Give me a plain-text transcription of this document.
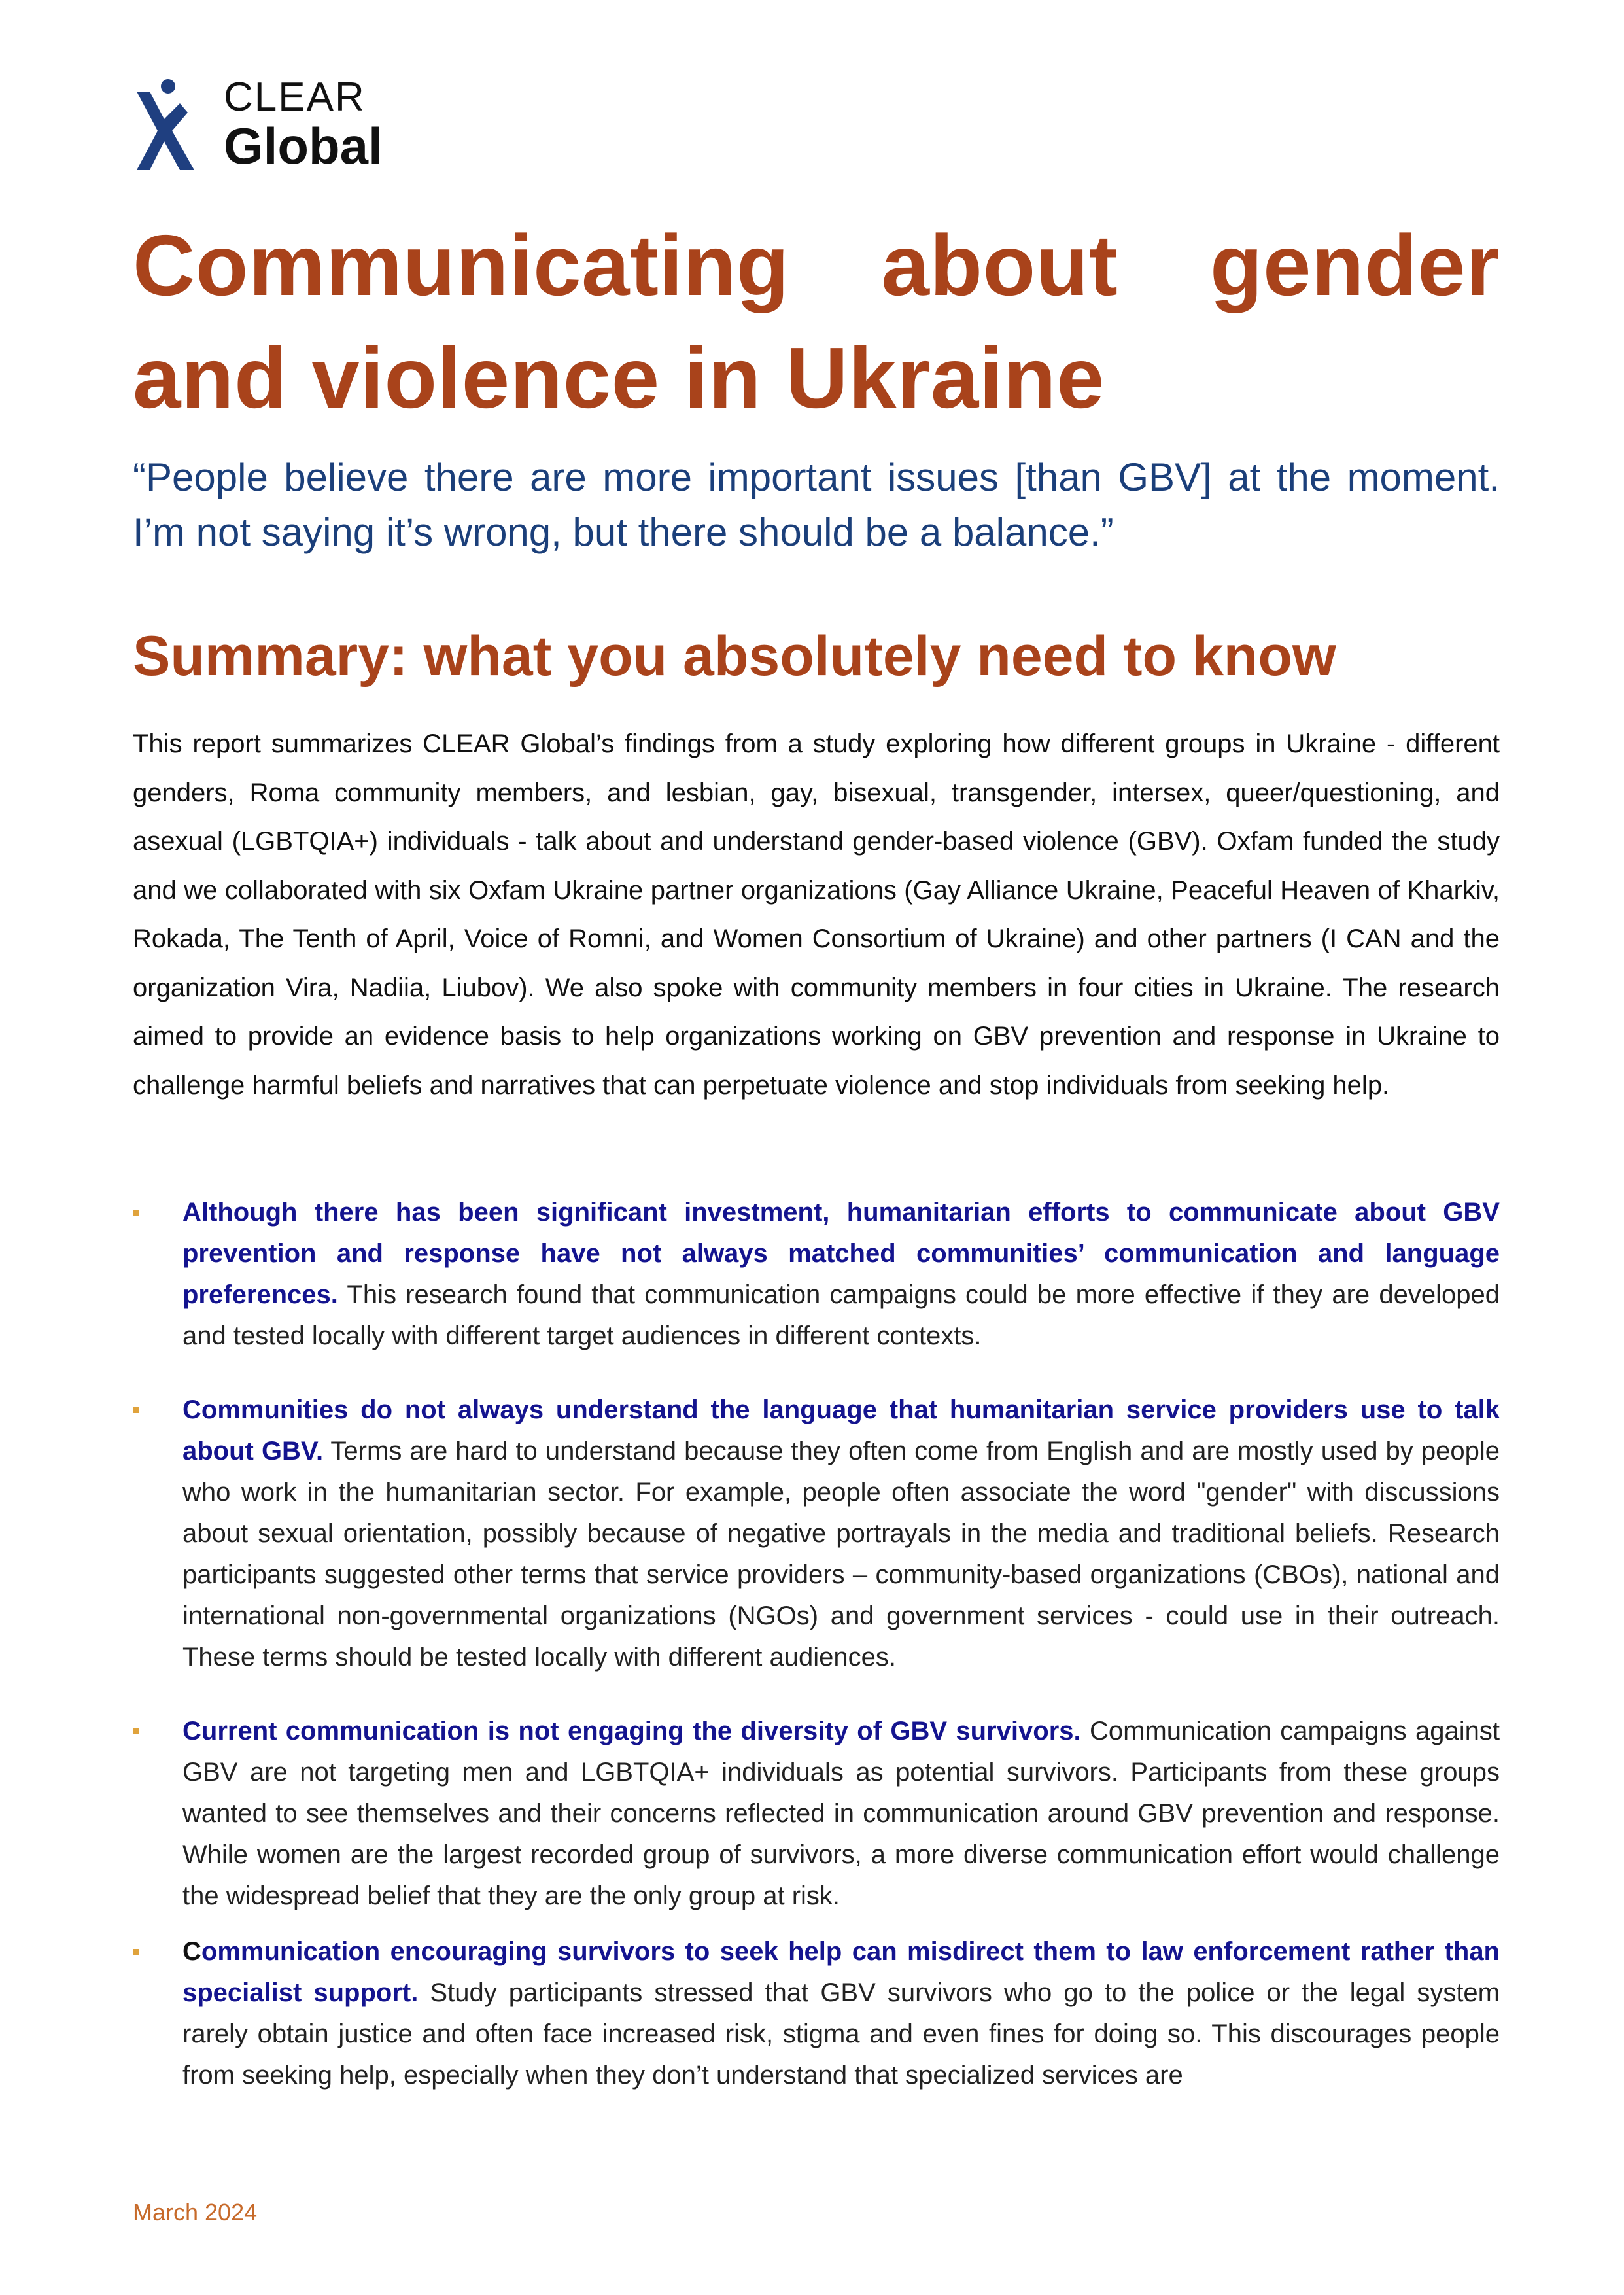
CLEAR
Global
Communicating about gender
and violence in Ukraine

“People believe there are more important issues [than GBV] at the moment. I’m not saying it’s wrong, but there should be a balance.”

Summary: what you absolutely need to know

This report summarizes CLEAR Global’s findings from a study exploring how different groups in Ukraine - different genders, Roma community members, and lesbian, gay, bisexual, transgender, intersex, queer/questioning, and asexual (LGBTQIA+) individuals - talk about and understand gender-based violence (GBV). Oxfam funded the study and we collaborated with six Oxfam Ukraine partner organizations (Gay Alliance Ukraine, Peaceful Heaven of Kharkiv, Rokada, The Tenth of April, Voice of Romni, and Women Consortium of Ukraine) and other partners (I CAN and the organization Vira, Nadiia, Liubov). We also spoke with community members in four cities in Ukraine. The research aimed to provide an evidence basis to help organizations working on GBV prevention and response in Ukraine to challenge harmful beliefs and narratives that can perpetuate violence and stop individuals from seeking help.

Although there has been significant investment, humanitarian efforts to communicate about GBV prevention and response have not always matched communities’ communication and language preferences. This research found that communication campaigns could be more effective if they are developed and tested locally with different target audiences in different contexts.
Communities do not always understand the language that humanitarian service providers use to talk about GBV. Terms are hard to understand because they often come from English and are mostly used by people who work in the humanitarian sector. For example, people often associate the word "gender" with discussions about sexual orientation, possibly because of negative portrayals in the media and traditional beliefs. Research participants suggested other terms that service providers – community-based organizations (CBOs), national and international non-governmental organizations (NGOs) and government services - could use in their outreach. These terms should be tested locally with different audiences.
Current communication is not engaging the diversity of GBV survivors. Communication campaigns against GBV are not targeting men and LGBTQIA+ individuals as potential survivors. Participants from these groups wanted to see themselves and their concerns reflected in communication around GBV prevention and response. While women are the largest recorded group of survivors, a more diverse communication effort would challenge the widespread belief that they are the only group at risk.
Communication encouraging survivors to seek help can misdirect them to law enforcement rather than specialist support. Study participants stressed that GBV survivors who go to the police or the legal system rarely obtain justice and often face increased risk, stigma and even fines for doing so. This discourages people from seeking help, especially when they don’t understand that specialized services are
March 2024
